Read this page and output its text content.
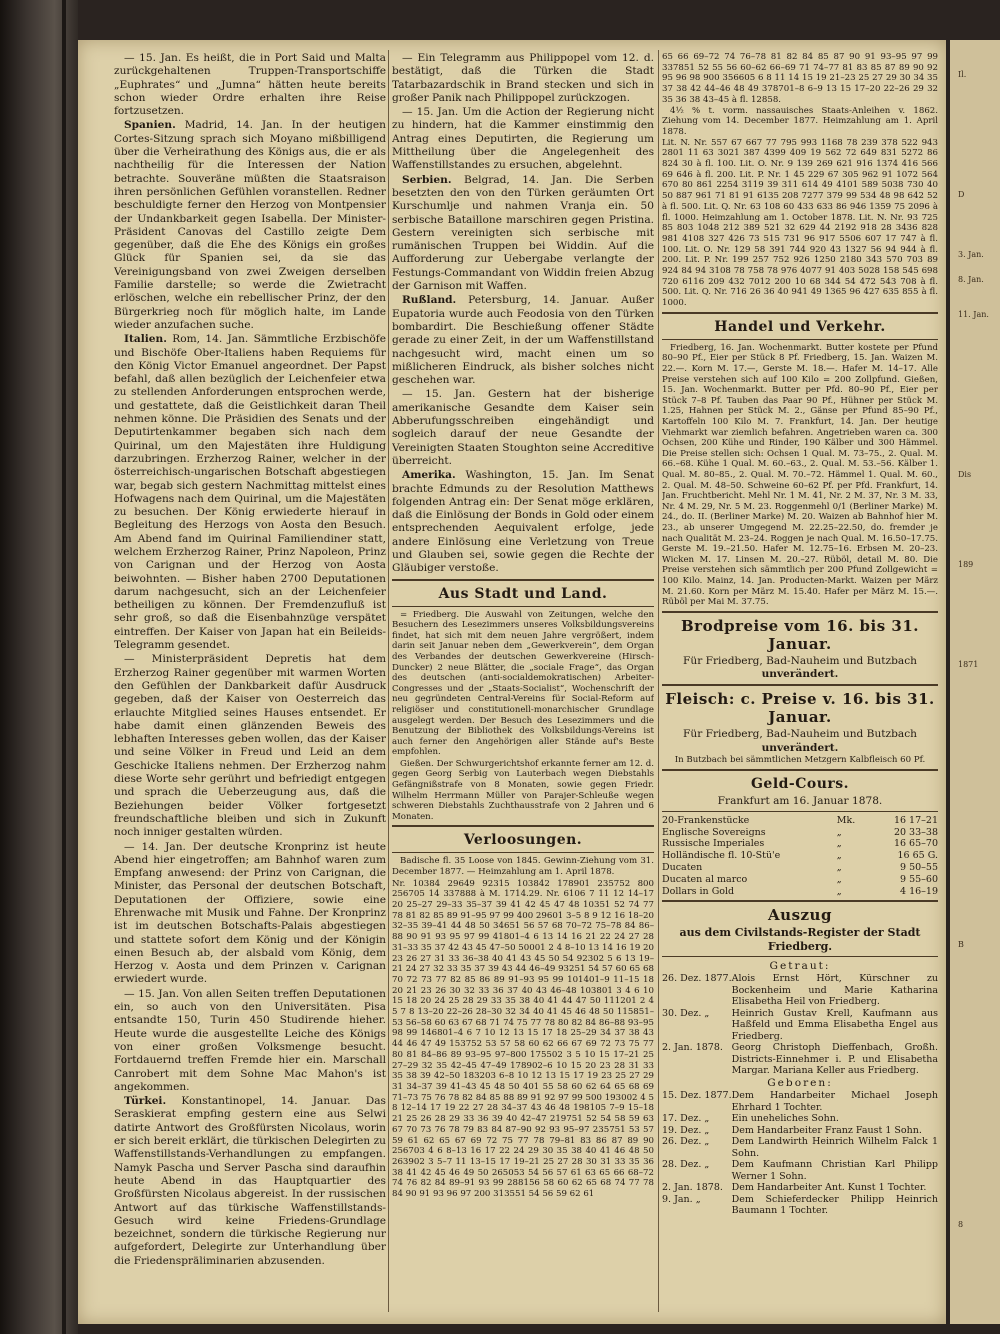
Il.
D
3. Jan.
8. Jan.
11. Jan.
Dis
189
1871
B
8

— 15. Jan. Es heißt, die in Port Said und Malta zurückgehaltenen Truppen-Transportschiffe „Euphrates“ und „Jumna“ hätten heute bereits schon wieder Ordre erhalten ihre Reise fortzusetzen.

Spanien. Madrid, 14. Jan. In der heutigen Cortes-Sitzung sprach sich Moyano mißbilligend über die Verheirathung des Königs aus, die er als nachtheilig für die Interessen der Nation betrachte. Souveräne müßten die Staatsraison ihren persönlichen Gefühlen voranstellen. Redner beschuldigte ferner den Herzog von Montpensier der Undankbarkeit gegen Isabella. Der Minister-Präsident Canovas del Castillo zeigte Dem gegenüber, daß die Ehe des Königs ein großes Glück für Spanien sei, da sie das Vereinigungsband von zwei Zweigen derselben Familie darstelle; so werde die Zwietracht erlöschen, welche ein rebellischer Prinz, der den Bürgerkrieg noch für möglich halte, im Lande wieder anzufachen suche.

Italien. Rom, 14. Jan. Sämmtliche Erzbischöfe und Bischöfe Ober-Italiens haben Requiems für den König Victor Emanuel angeordnet. Der Papst befahl, daß allen bezüglich der Leichenfeier etwa zu stellenden Anforderungen entsprochen werde, und gestattete, daß die Geistlichkeit daran Theil nehmen könne. Die Präsidien des Senats und der Deputirtenkammer begaben sich nach dem Quirinal, um den Majestäten ihre Huldigung darzubringen. Erzherzog Rainer, welcher in der österreichisch-ungarischen Botschaft abgestiegen war, begab sich gestern Nachmittag mittelst eines Hofwagens nach dem Quirinal, um die Majestäten zu besuchen. Der König erwiederte hierauf in Begleitung des Herzogs von Aosta den Besuch. Am Abend fand im Quirinal Familiendiner statt, welchem Erzherzog Rainer, Prinz Napoleon, Prinz von Carignan und der Herzog von Aosta beiwohnten. — Bisher haben 2700 Deputationen darum nachgesucht, sich an der Leichenfeier betheiligen zu können. Der Fremdenzufluß ist sehr groß, so daß die Eisenbahnzüge verspätet eintreffen. Der Kaiser von Japan hat ein Beileids-Telegramm gesendet.

— Ministerpräsident Depretis hat dem Erzherzog Rainer gegenüber mit warmen Worten den Gefühlen der Dankbarkeit dafür Ausdruck gegeben, daß der Kaiser von Oesterreich das erlauchte Mitglied seines Hauses entsendet. Er habe damit einen glänzenden Beweis des lebhaften Interesses geben wollen, das der Kaiser und seine Völker in Freud und Leid an dem Geschicke Italiens nehmen. Der Erzherzog nahm diese Worte sehr gerührt und befriedigt entgegen und sprach die Ueberzeugung aus, daß die Beziehungen beider Völker fortgesetzt freundschaftliche bleiben und sich in Zukunft noch inniger gestalten würden.

— 14. Jan. Der deutsche Kronprinz ist heute Abend hier eingetroffen; am Bahnhof waren zum Empfang anwesend: der Prinz von Carignan, die Minister, das Personal der deutschen Botschaft, Deputationen der Offiziere, sowie eine Ehrenwache mit Musik und Fahne. Der Kronprinz ist im deutschen Botschafts-Palais abgestiegen und stattete sofort dem König und der Königin einen Besuch ab, der alsbald vom König, dem Herzog v. Aosta und dem Prinzen v. Carignan erwiedert wurde.

— 15. Jan. Von allen Seiten treffen Deputationen ein, so auch von den Universitäten. Pisa entsandte 150, Turin 450 Studirende hieher. Heute wurde die ausgestellte Leiche des Königs von einer großen Volksmenge besucht. Fortdauernd treffen Fremde hier ein. Marschall Canrobert mit dem Sohne Mac Mahon's ist angekommen.

Türkei. Konstantinopel, 14. Januar. Das Seraskierat empfing gestern eine aus Selwi datirte Antwort des Großfürsten Nicolaus, worin er sich bereit erklärt, die türkischen Delegirten zu Waffenstillstands-Verhandlungen zu empfangen. Namyk Pascha und Server Pascha sind daraufhin heute Abend in das Hauptquartier des Großfürsten Nicolaus abgereist. In der russischen Antwort auf das türkische Waffenstillstands-Gesuch wird keine Friedens-Grundlage bezeichnet, sondern die türkische Regierung nur aufgefordert, Delegirte zur Unterhandlung über die Friedenspräliminarien abzusenden.

— Ein Telegramm aus Philippopel vom 12. d. bestätigt, daß die Türken die Stadt Tatarbazardschik in Brand stecken und sich in großer Panik nach Philippopel zurückzogen.

— 15. Jan. Um die Action der Regierung nicht zu hindern, hat die Kammer einstimmig den Antrag eines Deputirten, die Regierung um Mittheilung über die Angelegenheit des Waffenstillstandes zu ersuchen, abgelehnt.

Serbien. Belgrad, 14. Jan. Die Serben besetzten den von den Türken geräumten Ort Kurschumlje und nahmen Vranja ein. 50 serbische Bataillone marschiren gegen Pristina. Gestern vereinigten sich serbische mit rumänischen Truppen bei Widdin. Auf die Aufforderung zur Uebergabe verlangte der Festungs-Commandant von Widdin freien Abzug der Garnison mit Waffen.

Rußland. Petersburg, 14. Januar. Außer Eupatoria wurde auch Feodosia von den Türken bombardirt. Die Beschießung offener Städte gerade zu einer Zeit, in der um Waffenstillstand nachgesucht wird, macht einen um so mißlicheren Eindruck, als bisher solches nicht geschehen war.

— 15. Jan. Gestern hat der bisherige amerikanische Gesandte dem Kaiser sein Abberufungsschreiben eingehändigt und sogleich darauf der neue Gesandte der Vereinigten Staaten Stoughton seine Accreditive überreicht.

Amerika. Washington, 15. Jan. Im Senat brachte Edmunds zu der Resolution Matthews folgenden Antrag ein: Der Senat möge erklären, daß die Einlösung der Bonds in Gold oder einem entsprechenden Aequivalent erfolge, jede andere Einlösung eine Verletzung von Treue und Glauben sei, sowie gegen die Rechte der Gläubiger verstoße.

Aus Stadt und Land.

= Friedberg. Die Auswahl von Zeitungen, welche den Besuchern des Lesezimmers unseres Volksbildungsvereins findet, hat sich mit dem neuen Jahre vergrößert, indem darin seit Januar neben dem „Gewerkverein“, dem Organ des Verbandes der deutschen Gewerkvereine (Hirsch-Duncker) 2 neue Blätter, die „sociale Frage“, das Organ des deutschen (anti-socialdemokratischen) Arbeiter-Congresses und der „Staats-Socialist“, Wochenschrift der neu gegründeten Central-Vereins für Social-Reform auf religiöser und constitutionell-monarchischer Grundlage ausgelegt werden. Der Besuch des Lesezimmers und die Benutzung der Bibliothek des Volksbildungs-Vereins ist auch ferner den Angehörigen aller Stände auf's Beste empfohlen.

Gießen. Der Schwurgerichtshof erkannte ferner am 12. d. gegen Georg Serbig von Lauterbach wegen Diebstahls Gefängnißstrafe von 8 Monaten, sowie gegen Friedr. Wilhelm Herrmann Müller von Parajer-Schleuße wegen schweren Diebstahls Zuchthausstrafe von 2 Jahren und 6 Monaten.

Verloosungen.

Badische fl. 35 Loose von 1845. Gewinn-Ziehung vom 31. December 1877. — Heimzahlung am 1. April 1878.

Nr. 10384 29649 92315 103842 178901 235752 800 256705 14 337888 à M. 1714.29. Nr. 6106 7 11 12 14–17 20 25–27 29–33 35–37 39 41 42 45 47 48 10351 52 74 77 78 81 82 85 89 91–95 97 99 400 29601 3–5 8 9 12 16 18–20 32–35 39–41 44 48 50 34651 56 57 68 70–72 75–78 84 86–88 90 91 93 95 97 99 41801–4 6 13 14 16 21 22 24 27 28 31–33 35 37 42 43 45 47–50 50001 2 4 8–10 13 14 16 19 20 23 26 27 31 33 36–38 40 41 43 45 50 54 92302 5 6 13 19–21 24 27 32 33 35 37 39 43 44 46–49 93251 54 57 60 65 68 70 72 73 77 82 85 86 89 91–93 95 99 101401–9 11–15 18 20 21 23 26 30 32 33 36 37 40 43 46–48 103801 3 4 6 10 15 18 20 24 25 28 29 33 35 38 40 41 44 47 50 111201 2 4 5 7 8 13–20 22–26 28–30 32 34 40 41 45 46 48 50 115851–53 56–58 60 63 67 68 71 74 75 77 78 80 82 84 86–88 93–95 98 99 146801–4 6 7 10 12 13 15 17 18 25–29 34 37 38 43 44 46 47 49 153752 53 57 58 60 62 66 67 69 72 73 75 77 80 81 84–86 89 93–95 97–800 175502 3 5 10 15 17–21 25 27–29 32 35 42–45 47–49 178902–6 10 15 20 23 28 31 33 35 38 39 42–50 183203 6–8 10 12 13 15 17 19 23 25 27 29 31 34–37 39 41–43 45 48 50 401 55 58 60 62 64 65 68 69 71–73 75 76 78 82 84 85 88 89 91 92 97 99 500 193002 4 5 8 12–14 17 19 22 27 28 34–37 43 46 48 198105 7–9 15–18 21 25 26 28 29 33 36 39 40 42–47 219751 52 54 58 59 63 67 70 73 76 78 79 83 84 87–90 92 93 95–97 235751 53 57 59 61 62 65 67 69 72 75 77 78 79–81 83 86 87 89 90 256703 4 6 8–13 16 17 22 24 29 30 35 38 40 41 46 48 50 263902 3 5–7 11 13–15 17 19–21 25 27 28 30 31 33 35 36 38 41 42 45 46 49 50 265053 54 56 57 61 63 65 66 68–72 74 76 82 84 89–91 93 99 288156 58 60 62 65 68 74 77 78 84 90 91 93 96 97 200 313551 54 56 59 62 61
65 66 69–72 74 76–78 81 82 84 85 87 90 91 93–95 97 99 337851 52 55 56 60–62 66–69 71 74–77 81 83 85 87 89 90 92 95 96 98 900 356605 6 8 11 14 15 19 21–23 25 27 29 30 34 35 37 38 42 44–46 48 49 378701–8 6–9 13 15 17–20 22–26 29 32 35 36 38 43–45 à fl. 12858.
4½ % t. vorm. nassauisches Staats-Anleihen v. 1862. Ziehung vom 14. December 1877. Heimzahlung am 1. April 1878.
Lit. N. Nr. 557 67 667 77 795 993 1168 78 239 378 522 943 2801 11 63 3021 387 4399 409 19 562 72 649 831 5272 86 824 30 à fl. 100. Lit. O. Nr. 9 139 269 621 916 1374 416 566 69 646 à fl. 200. Lit. P. Nr. 1 45 229 67 305 962 91 1072 564 670 80 861 2254 3119 39 311 614 49 4101 589 5038 730 40 50 887 961 71 81 91 6135 208 7277 379 99 534 48 98 642 52 à fl. 500. Lit. Q. Nr. 63 108 60 433 633 86 946 1359 75 2096 à fl. 1000. Heimzahlung am 1. October 1878. Lit. N. Nr. 93 725 85 803 1048 212 389 521 32 629 44 2192 918 28 3436 828 981 4108 327 426 73 515 731 96 917 5506 607 17 747 à fl. 100. Lit. O. Nr. 129 58 391 744 920 43 1327 56 94 944 à fl. 200. Lit. P. Nr. 199 257 752 926 1250 2180 343 570 703 89 924 84 94 3108 78 758 78 976 4077 91 403 5028 158 545 698 720 6116 209 432 7012 200 10 68 344 54 472 543 708 à fl. 500. Lit. Q. Nr. 716 26 36 40 941 49 1365 96 427 635 855 à fl. 1000.
Handel und Verkehr.

Friedberg, 16. Jan. Wochenmarkt. Butter kostete per Pfund 80–90 Pf., Eier per Stück 8 Pf. Friedberg, 15. Jan. Waizen M. 22.—. Korn M. 17.—, Gerste M. 18.—. Hafer M. 14–17. Alle Preise verstehen sich auf 100 Kilo = 200 Zollpfund. Gießen, 15. Jan. Wochenmarkt. Butter per Pfd. 80–90 Pf., Eier per Stück 7–8 Pf. Tauben das Paar 90 Pf., Hühner per Stück M. 1.25, Hahnen per Stück M. 2., Gänse per Pfund 85–90 Pf., Kartoffeln 100 Kilo M. 7. Frankfurt, 14. Jan. Der heutige Viehmarkt war ziemlich befahren. Angetrieben waren ca. 300 Ochsen, 200 Kühe und Rinder, 190 Kälber und 300 Hämmel. Die Preise stellen sich: Ochsen 1 Qual. M. 73–75., 2. Qual. M. 66.–68. Kühe 1 Qual. M. 60.–63., 2. Qual. M. 53.–56. Kälber 1. Qual. M. 80–85., 2. Qual. M. 70.–72. Hämmel 1. Qual. M. 60., 2. Qual. M. 48–50. Schweine 60–62 Pf. per Pfd. Frankfurt, 14. Jan. Fruchtbericht. Mehl Nr. 1 M. 41, Nr. 2 M. 37, Nr. 3 M. 33, Nr. 4 M. 29, Nr. 5 M. 23. Roggenmehl 0/1 (Berliner Marke) M. 24., do. II. (Berliner Marke) M. 20. Waizen ab Bahnhof hier M. 23., ab unserer Umgegend M. 22.25–22.50, do. fremder je nach Qualität M. 23–24. Roggen je nach Qual. M. 16.50–17.75. Gerste M. 19.–21.50. Hafer M. 12.75–16. Erbsen M. 20–23. Wicken M. 17. Linsen M. 20.–27. Rüböl, detail M. 80. Die Preise verstehen sich sämmtlich per 200 Pfund Zollgewicht = 100 Kilo. Mainz, 14. Jan. Producten-Markt. Waizen per März M. 21.60. Korn per März M. 15.40. Hafer per März M. 15.—. Rüböl per Mai M. 37.75.

Brodpreise vom 16. bis 31. Januar.
Für Friedberg, Bad-Nauheim und Butzbach
unverändert.
Fleisch: c. Preise v. 16. bis 31. Januar.
Für Friedberg, Bad-Nauheim und Butzbach
unverändert.
In Butzbach bei sämmtlichen Metzgern Kalbfleisch 60 Pf.
Geld-Cours.
Frankfurt am 16. Januar 1878.
20-Frankenstücke		Mk.	16 17–21
Englische Sovereigns		„	20 33–38
Russische Imperiales		„	16 65–70
Holländische fl. 10-Stü'e		„	16 65 G.
Ducaten		„	9 50–55
Ducaten al marco		„	9 55–60
Dollars in Gold		„	4 16–19
Auszug
aus dem Civilstands-Register der Stadt Friedberg.
Getraut:
26. Dez. 1877.	Alois Ernst Hört, Kürschner zu Bockenheim und Marie Katharina Elisabetha Heil von Friedberg.
30. Dez. „	Heinrich Gustav Krell, Kaufmann aus Haßfeld und Emma Elisabetha Engel aus Friedberg.
2. Jan. 1878.	Georg Christoph Dieffenbach, Großh. Districts-Einnehmer i. P. und Elisabetha Margar. Mariana Keller aus Friedberg.
Geboren:
15. Dez. 1877.	Dem Handarbeiter Michael Joseph Ehrhard 1 Tochter.
17. Dez. „	Ein uneheliches Sohn.
19. Dez. „	Dem Handarbeiter Franz Faust 1 Sohn.
26. Dez. „	Dem Landwirth Heinrich Wilhelm Falck 1 Sohn.
28. Dez. „	Dem Kaufmann Christian Karl Philipp Werner 1 Sohn.
2. Jan. 1878.	Dem Handarbeiter Ant. Kunst 1 Tochter.
9. Jan. „	Dem Schieferdecker Philipp Heinrich Baumann 1 Tochter.
